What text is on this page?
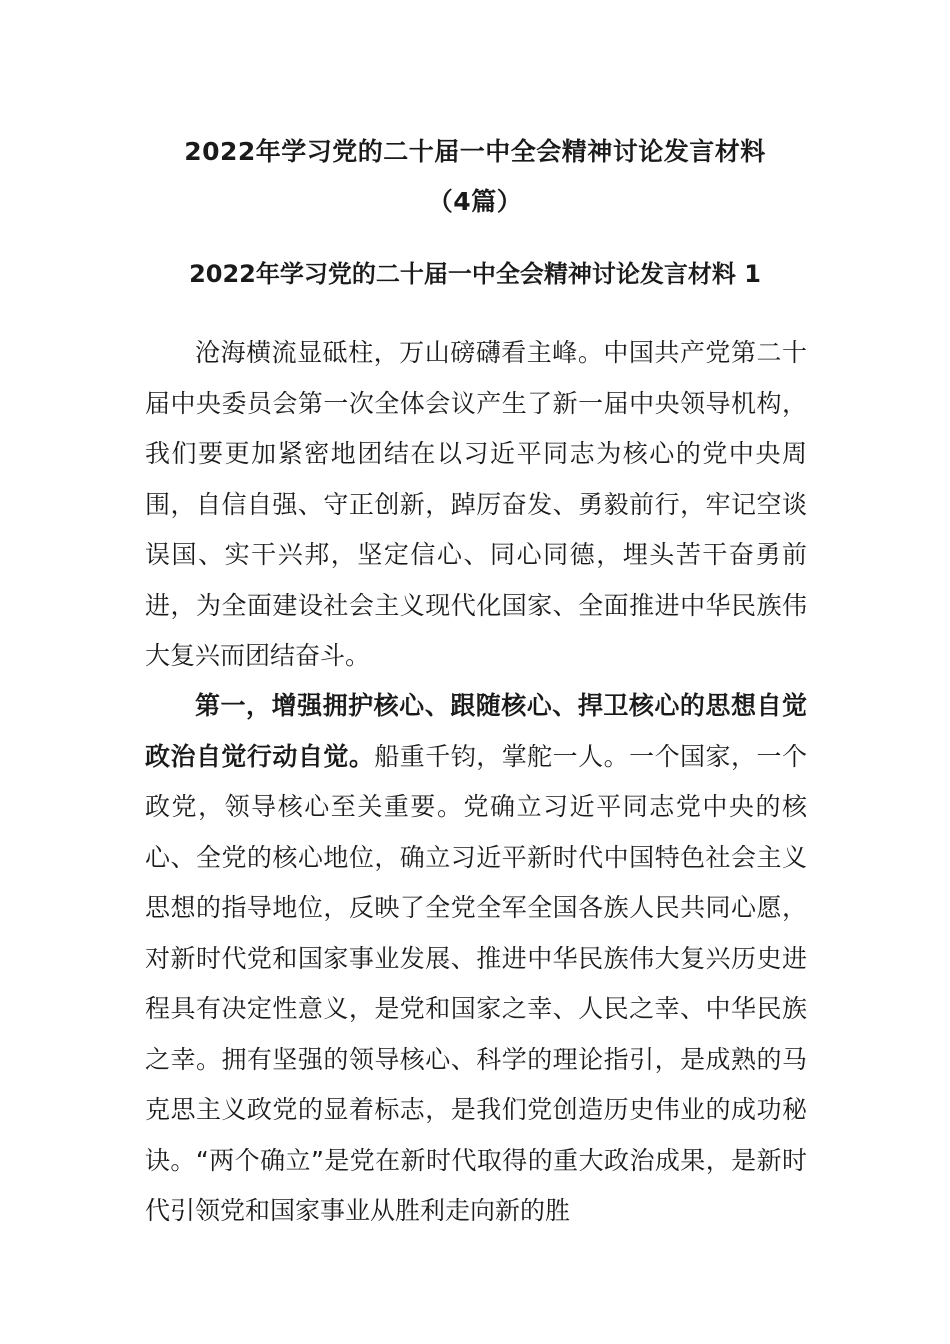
2022年学习党的二十届一中全会精神讨论发言材料
（4篇）
2022年学习党的二十届一中全会精神讨论发言材料 1

沧海横流显砥柱，万山磅礴看主峰。中国共产党第二十届中央委员会第一次全体会议产生了新一届中央领导机构，我们要更加紧密地团结在以习近平同志为核心的党中央周围，自信自强、守正创新，踔厉奋发、勇毅前行，牢记空谈误国、实干兴邦，坚定信心、同心同德，埋头苦干奋勇前进，为全面建设社会主义现代化国家、全面推进中华民族伟大复兴而团结奋斗。

第一，增强拥护核心、跟随核心、捍卫核心的思想自觉政治自觉行动自觉。船重千钧，掌舵一人。一个国家，一个政党，领导核心至关重要。党确立习近平同志党中央的核心、全党的核心地位，确立习近平新时代中国特色社会主义思想的指导地位，反映了全党全军全国各族人民共同心愿，对新时代党和国家事业发展、推进中华民族伟大复兴历史进程具有决定性意义，是党和国家之幸、人民之幸、中华民族之幸。拥有坚强的领导核心、科学的理论指引，是成熟的马克思主义政党的显着标志，是我们党创造历史伟业的成功秘诀。“两个确立”是党在新时代取得的重大政治成果，是新时代引领党和国家事业从胜利走向新的胜
